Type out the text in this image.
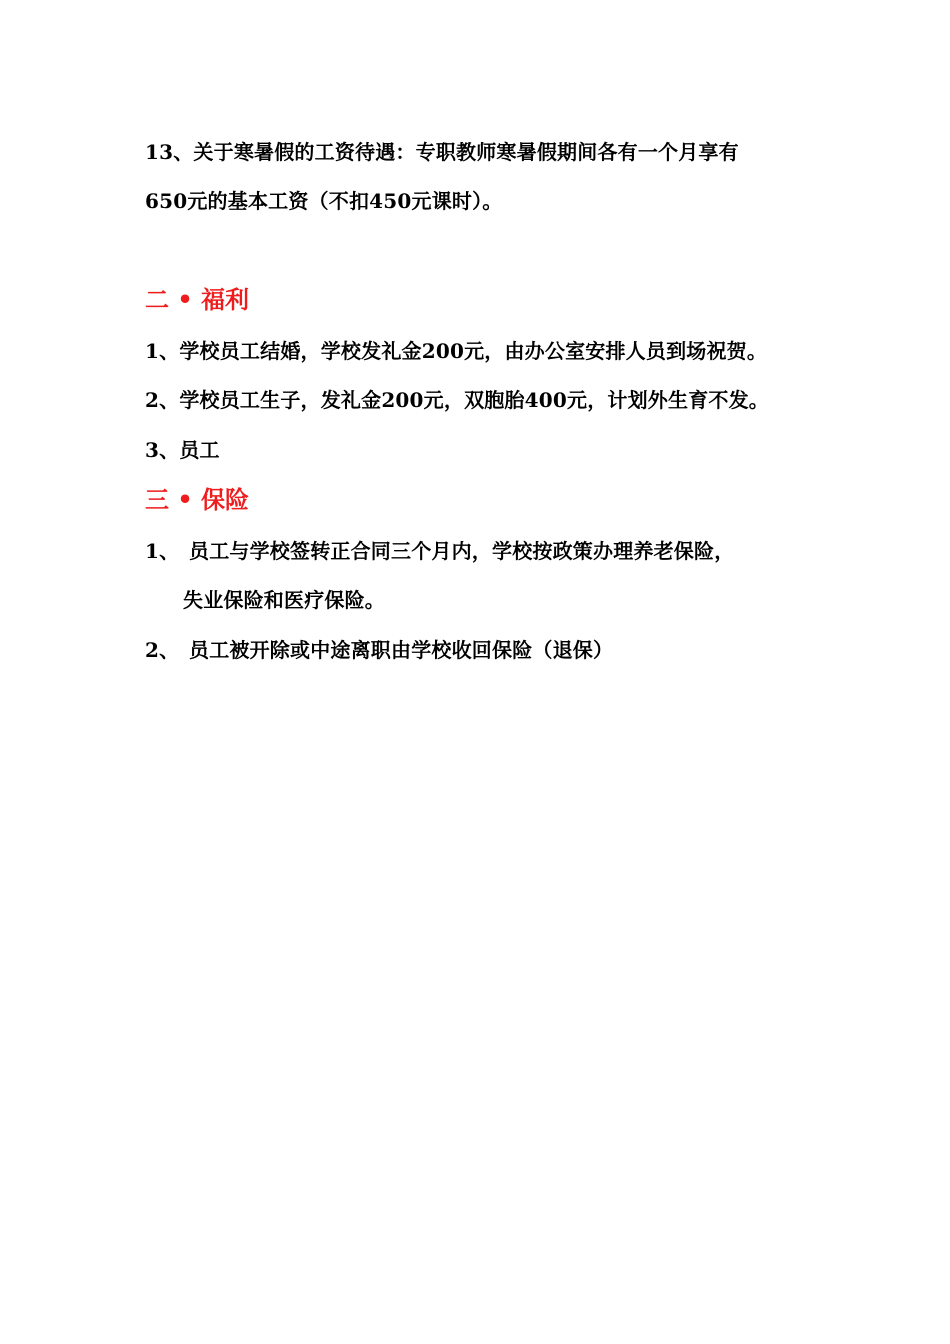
13、关于寒暑假的工资待遇：专职教师寒暑假期间各有一个月享有
650元的基本工资（不扣450元课时）。
二 • 福利
1、学校员工结婚，学校发礼金200元，由办公室安排人员到场祝贺。
2、学校员工生子，发礼金200元，双胞胎400元，计划外生育不发。
3、员工
三 • 保险
1、 员工与学校签转正合同三个月内，学校按政策办理养老保险，
失业保险和医疗保险。
2、 员工被开除或中途离职由学校收回保险（退保）
